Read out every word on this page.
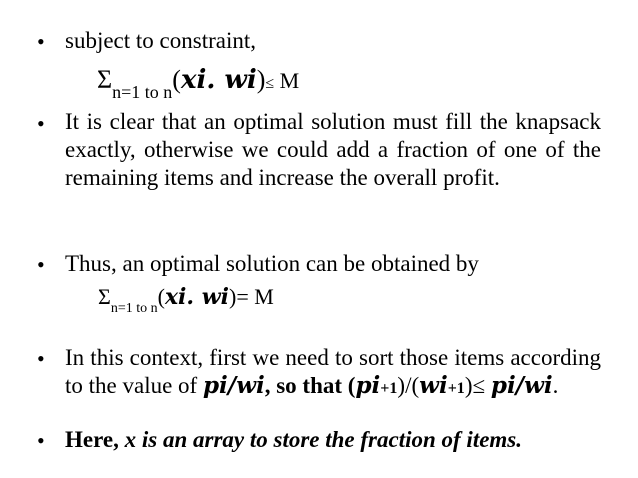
• subject to constraint,
$\Sigma_{n=1 to n}(xi$. wi)≤ M
• It is clear that an optimal solution must fill the knapsack exactly, otherwise we could add a fraction of one of the remaining items and increase the overall profit.
• Thus, an optimal solution can be obtained by
$\Sigma_{n=1 to n}(xi$. wi)= M
• In this context, first we need to sort those items according to the value of pi/wi, so that (pi+1)/(wi+1)≤ pi/wi.
• Here, x is an array to store the fraction of items.
